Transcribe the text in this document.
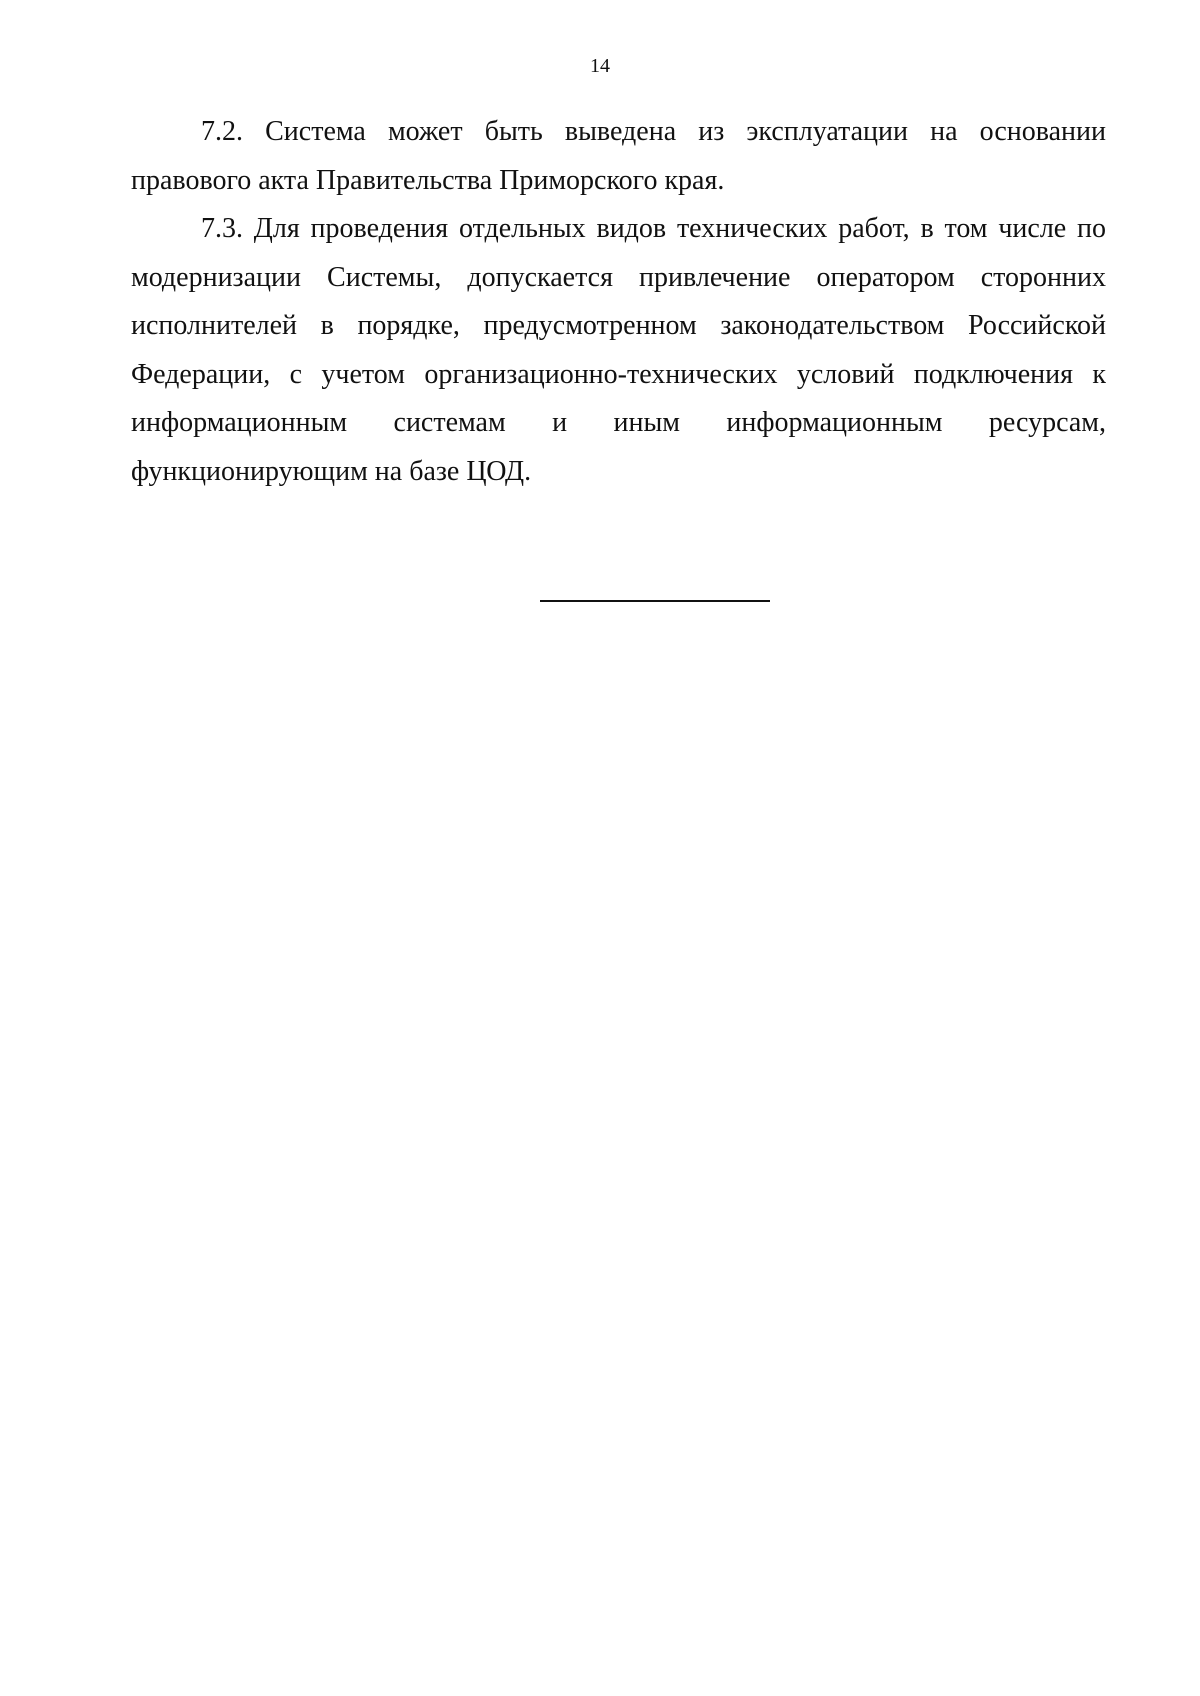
14

7.2. Система может быть выведена из эксплуатации на основании правового акта Правительства Приморского края.

7.3. Для проведения отдельных видов технических работ, в том числе по модернизации Системы, допускается привлечение оператором сторонних исполнителей в порядке, предусмотренном законодательством Российской Федерации, с учетом организационно-технических условий подключения к информационным системам и иным информационным ресурсам, функционирующим на базе ЦОД.
